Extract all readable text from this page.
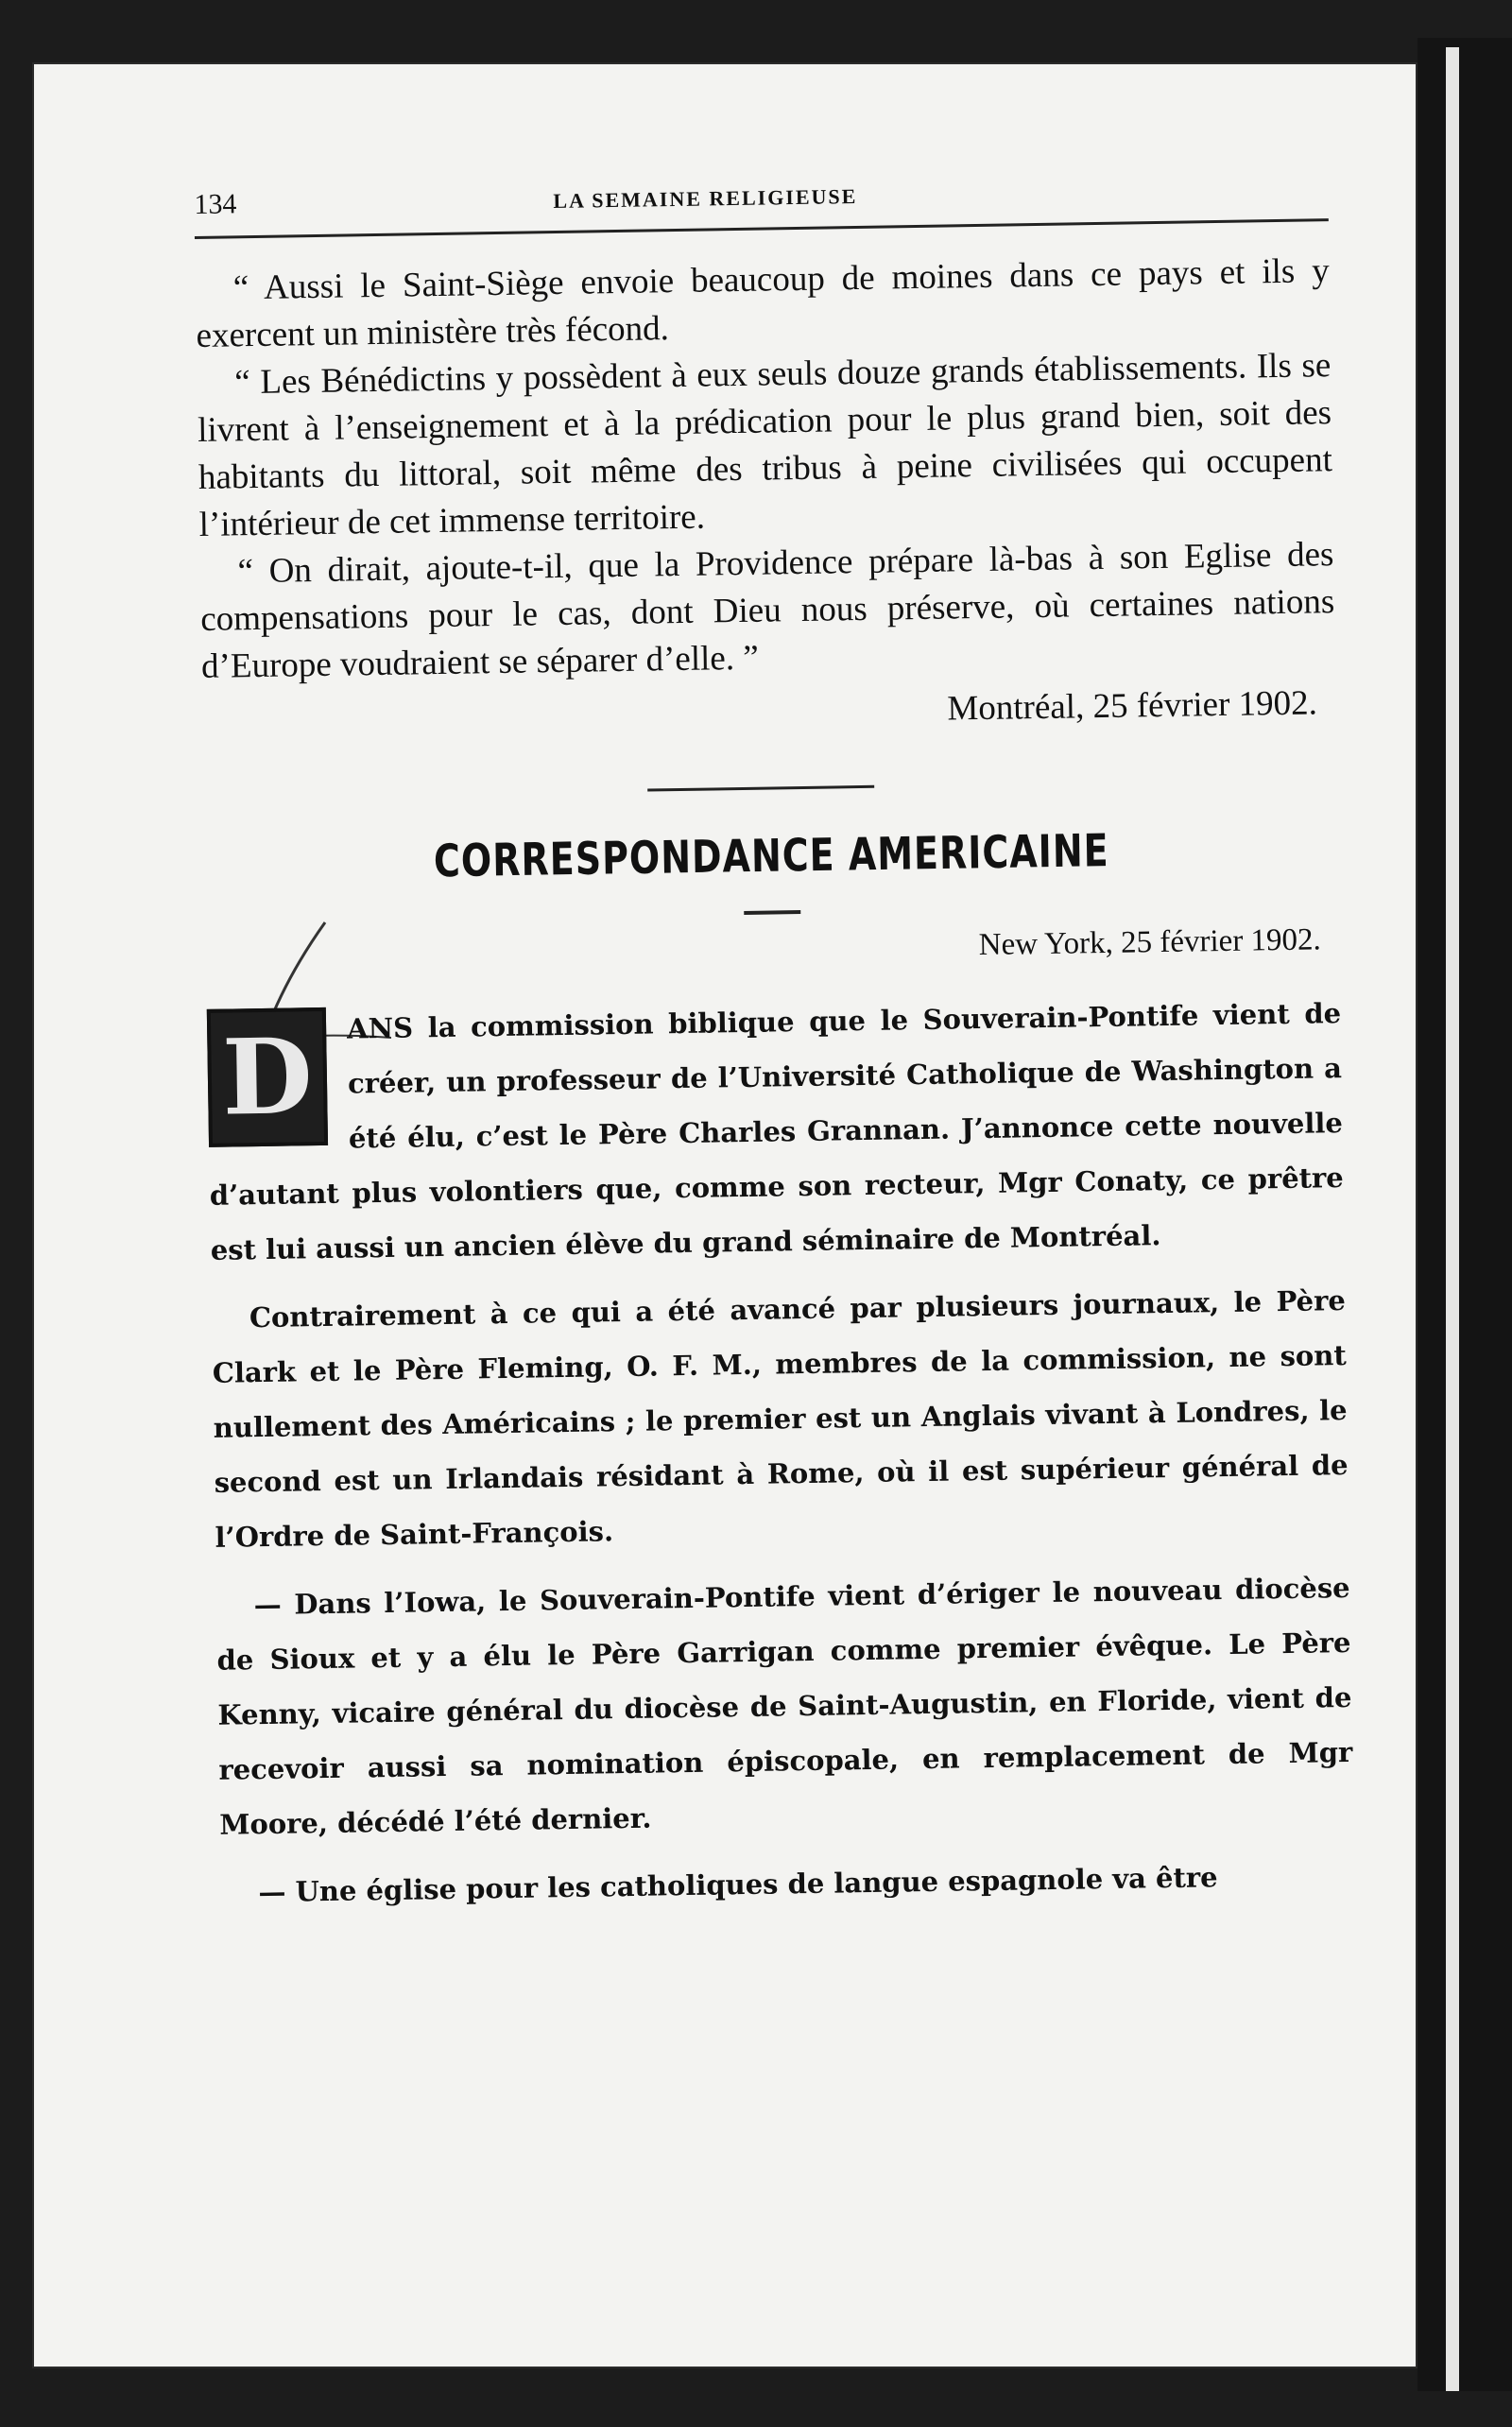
134	LA SEMAINE RELIGIEUSE

“ Aussi le Saint-Siège envoie beaucoup de moines dans ce pays et ils y exercent un ministère très fécond.

“ Les Bénédictins y possèdent à eux seuls douze grands établissements. Ils se livrent à l’enseignement et à la prédication pour le plus grand bien, soit des habitants du littoral, soit même des tribus à peine civilisées qui occupent l’intérieur de cet immense territoire.

“ On dirait, ajoute-t-il, que la Providence prépare là-bas à son Eglise des compensations pour le cas, dont Dieu nous préserve, où certaines nations d’Europe voudraient se séparer d’elle. ”

Montréal, 25 février 1902.
CORRESPONDANCE AMERICAINE
New York, 25 février 1902.

D	ANS la commission biblique que le Souverain-Pontife vient de créer, un professeur de l’Université Catholique de Washington a été élu, c’est le Père Charles Grannan. J’annonce cette nouvelle d’autant plus volontiers que, comme son recteur, Mgr Conaty, ce prêtre est lui aussi un ancien élève du grand séminaire de Montréal.

Contrairement à ce qui a été avancé par plusieurs journaux, le Père Clark et le Père Fleming, O. F. M., membres de la commission, ne sont nullement des Américains ; le premier est un Anglais vivant à Londres, le second est un Irlandais résidant à Rome, où il est supérieur général de l’Ordre de Saint-François.

— Dans l’Iowa, le Souverain-Pontife vient d’ériger le nouveau diocèse de Sioux et y a élu le Père Garrigan comme premier évêque. Le Père Kenny, vicaire général du diocèse de Saint-Augustin, en Floride, vient de recevoir aussi sa nomination épiscopale, en remplacement de Mgr Moore, décédé l’été dernier.

— Une église pour les catholiques de langue espagnole va être
